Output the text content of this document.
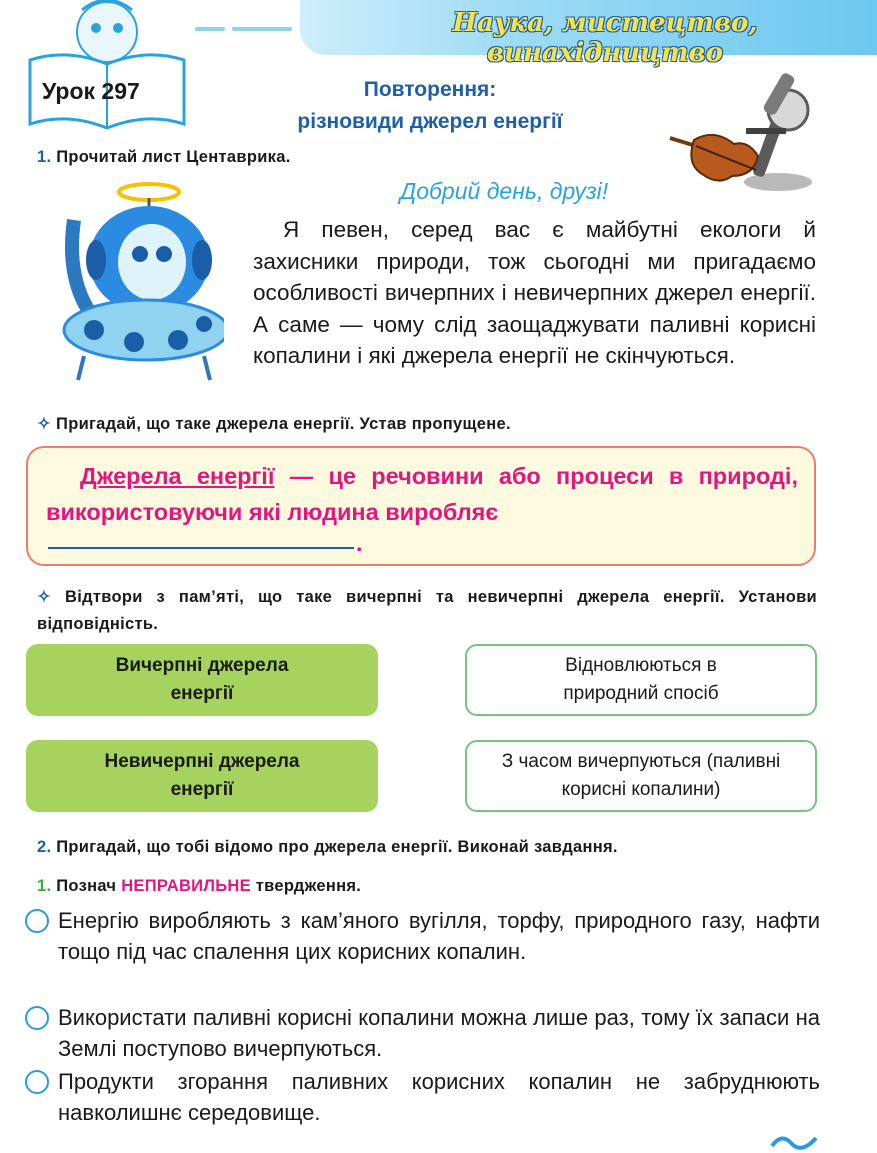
Наука, мистецтво, винахідництво
Урок 297	Повторення:
різновиди джерел енергії
1. Прочитай лист Центаврика.
Добрий день, друзі!

Я певен, серед вас є майбутні екологи й захисники природи, тож сьогодні ми пригадаємо особливості вичерпних і невичерпних джерел енергії. А саме — чому слід заощаджувати паливні корисні копалини і які джерела енергії не скінчуються.

✧ Пригадай, що таке джерела енергії. Устав пропущене.
Джерела енергії — це речовини або процеси в природі, використовуючи які людина виробляє
.
✧ Відтвори з пам’яті, що таке вичерпні та невичерпні джерела енергії. Установи відповідність.
Вичерпні джерела енергії
Невичерпні джерела енергії
Відновлюються в природний спосіб
З часом вичерпуються (паливні корисні копалини)
2. Пригадай, що тобі відомо про джерела енергії. Виконай завдання.
1. Познач НЕПРАВИЛЬНЕ твердження.
Енергію виробляють з кам’яного вугілля, торфу, природного газу, нафти тощо під час спалення цих корисних копалин.
Використати паливні корисні копалини можна лише раз, тому їх запаси на Землі поступово вичерпуються.
Продукти згорання паливних корисних копалин не забруднюють навколишнє середовище.
